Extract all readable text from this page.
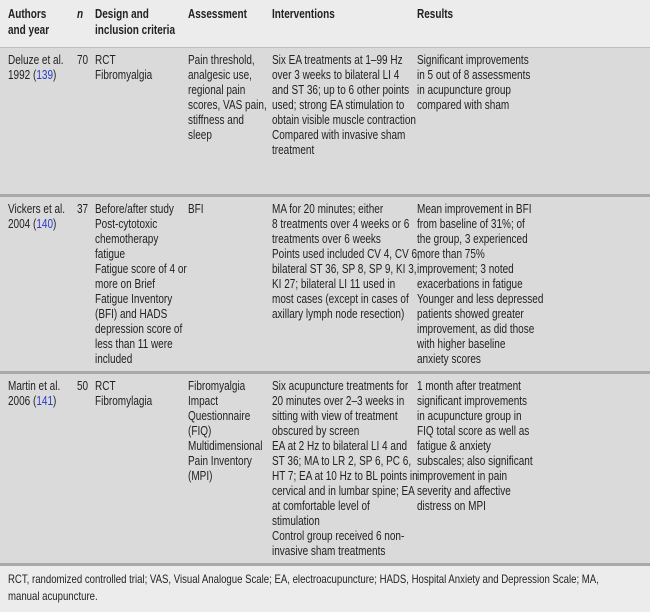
Authors
and year
n Design and
inclusion criteria
Assessment Interventions	Results
Deluze et al.
1992 (139)
70 RCT
Fibromyalgia
Pain threshold,
analgesic use,
regional pain
scores, VAS pain,
stiffness and
sleep
Six EA treatments at 1–99 Hz
over 3 weeks to bilateral LI 4
and ST 36; up to 6 other points
used; strong EA stimulation to
obtain visible muscle contraction
Compared with invasive sham
treatment
Significant improvements
in 5 out of 8 assessments
in acupuncture group
compared with sham
Vickers et al.
2004 (140)
37 Before/after study
Post-cytotoxic
chemotherapy
fatigue
Fatigue score of 4 or
more on Brief
Fatigue Inventory
(BFI) and HADS
depression score of
less than 11 were
included
BFI	MA for 20 minutes; either
8 treatments over 4 weeks or 6
treatments over 6 weeks
Points used included CV 4, CV 6,
bilateral ST 36, SP 8, SP 9, KI 3,
KI 27; bilateral LI 11 used in
most cases (except in cases of
axillary lymph node resection)
Mean improvement in BFI
from baseline of 31%; of
the group, 3 experienced
more than 75%
improvement; 3 noted
exacerbations in fatigue
Younger and less depressed
patients showed greater
improvement, as did those
with higher baseline
anxiety scores
Martin et al.
2006 (141)
50 RCT
Fibromylagia
Fibromyalgia
Impact
Questionnaire
(FIQ)
Multidimensional
Pain Inventory
(MPI)
Six acupuncture treatments for
20 minutes over 2–3 weeks in
sitting with view of treatment
obscured by screen
EA at 2 Hz to bilateral LI 4 and
ST 36; MA to LR 2, SP 6, PC 6,
HT 7; EA at 10 Hz to BL points in
cervical and in lumbar spine; EA
at comfortable level of
stimulation
Control group received 6 non-
invasive sham treatments
1 month after treatment
significant improvements
in acupuncture group in
FIQ total score as well as
fatigue & anxiety
subscales; also significant
improvement in pain
severity and affective
distress on MPI
RCT, randomized controlled trial; VAS, Visual Analogue Scale; EA, electroacupuncture; HADS, Hospital Anxiety and Depression Scale; MA,
manual acupuncture.
